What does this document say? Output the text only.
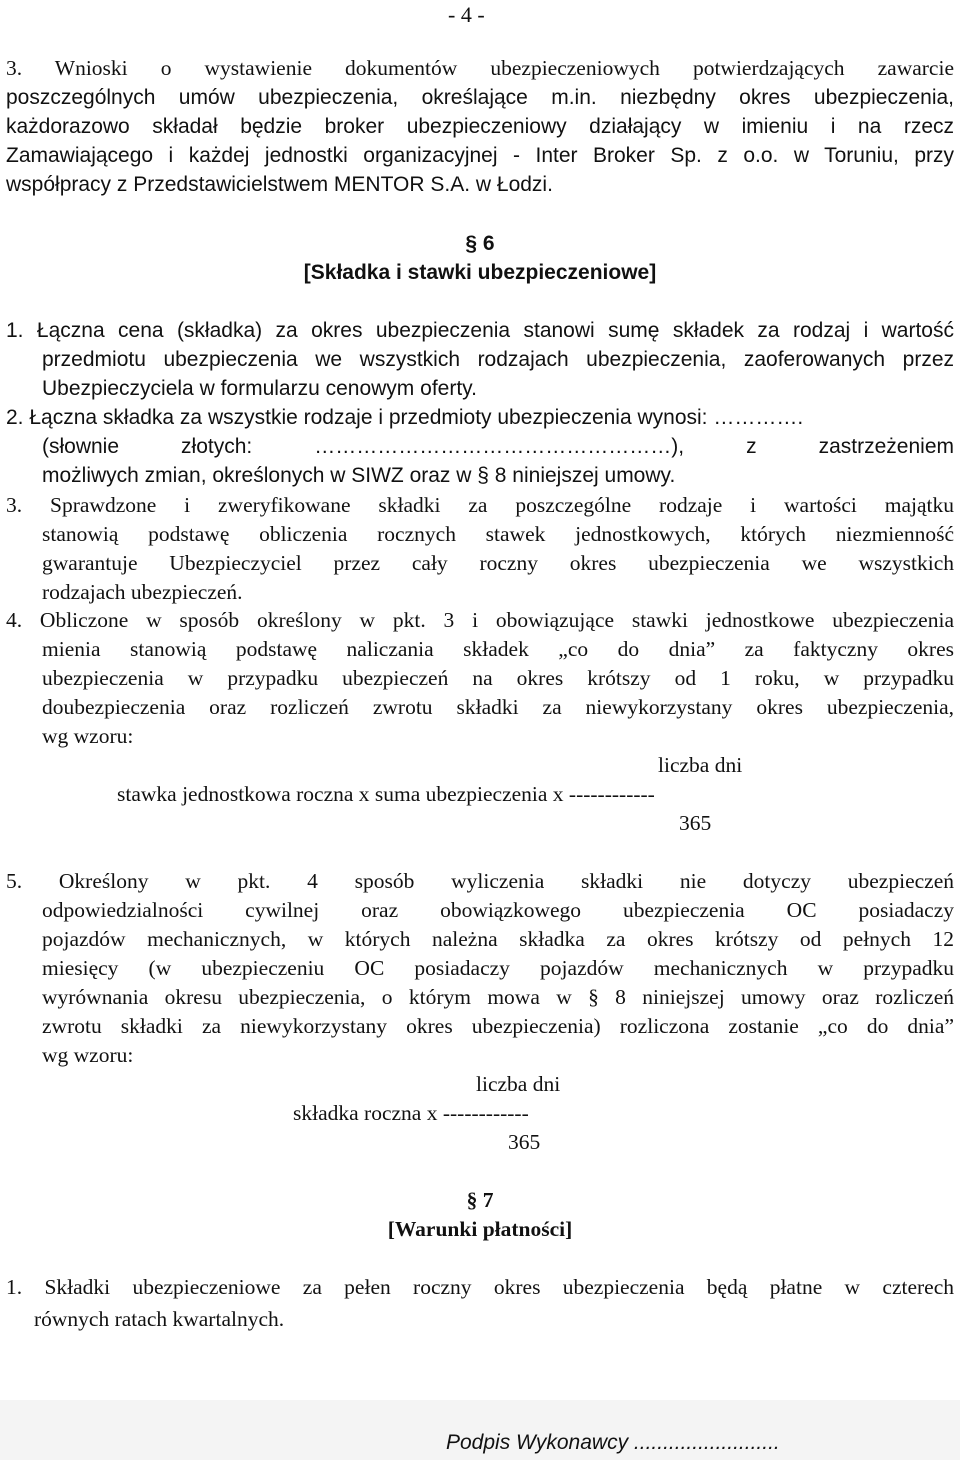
- 4 -
3. Wnioski o wystawienie dokumentów ubezpieczeniowych potwierdzających zawarcie
poszczególnych umów ubezpieczenia, określające m.in. niezbędny okres ubezpieczenia,
każdorazowo składał będzie broker ubezpieczeniowy działający w imieniu i na rzecz
Zamawiającego i każdej jednostki organizacyjnej - Inter Broker Sp. z o.o. w Toruniu, przy
współpracy z Przedstawicielstwem MENTOR S.A. w Łodzi.
§ 6
[Składka i stawki ubezpieczeniowe]
1. Łączna cena (składka) za okres ubezpieczenia stanowi sumę składek za rodzaj i wartość
przedmiotu ubezpieczenia we wszystkich rodzajach ubezpieczenia, zaoferowanych przez
Ubezpieczyciela w formularzu cenowym oferty.
2. Łączna składka za wszystkie rodzaje i przedmioty ubezpieczenia wynosi: ………….
(słownie złotych: ……………………………………………), z zastrzeżeniem
możliwych zmian, określonych w SIWZ oraz w § 8 niniejszej umowy.
3. Sprawdzone i zweryfikowane składki za poszczególne rodzaje i wartości majątku
stanowią podstawę obliczenia rocznych stawek jednostkowych, których niezmienność
gwarantuje Ubezpieczyciel przez cały roczny okres ubezpieczenia we wszystkich
rodzajach ubezpieczeń.
4. Obliczone w sposób określony w pkt. 3 i obowiązujące stawki jednostkowe ubezpieczenia
mienia stanowią podstawę naliczania składek „co do dnia” za faktyczny okres
ubezpieczenia w przypadku ubezpieczeń na okres krótszy od 1 roku, w przypadku
doubezpieczenia oraz rozliczeń zwrotu składki za niewykorzystany okres ubezpieczenia,
wg wzoru:
liczba dni
stawka jednostkowa roczna x suma ubezpieczenia x ------------
365
5. Określony w pkt. 4 sposób wyliczenia składki nie dotyczy ubezpieczeń
odpowiedzialności cywilnej oraz obowiązkowego ubezpieczenia OC posiadaczy
pojazdów mechanicznych, w których należna składka za okres krótszy od pełnych 12
miesięcy (w ubezpieczeniu OC posiadaczy pojazdów mechanicznych w przypadku
wyrównania okresu ubezpieczenia, o którym mowa w § 8 niniejszej umowy oraz rozliczeń
zwrotu składki za niewykorzystany okres ubezpieczenia) rozliczona zostanie „co do dnia”
wg wzoru:
liczba dni
składka roczna x ------------
365
§ 7
[Warunki płatności]
1. Składki ubezpieczeniowe za pełen roczny okres ubezpieczenia będą płatne w czterech
równych ratach kwartalnych.
Podpis Wykonawcy .........................
